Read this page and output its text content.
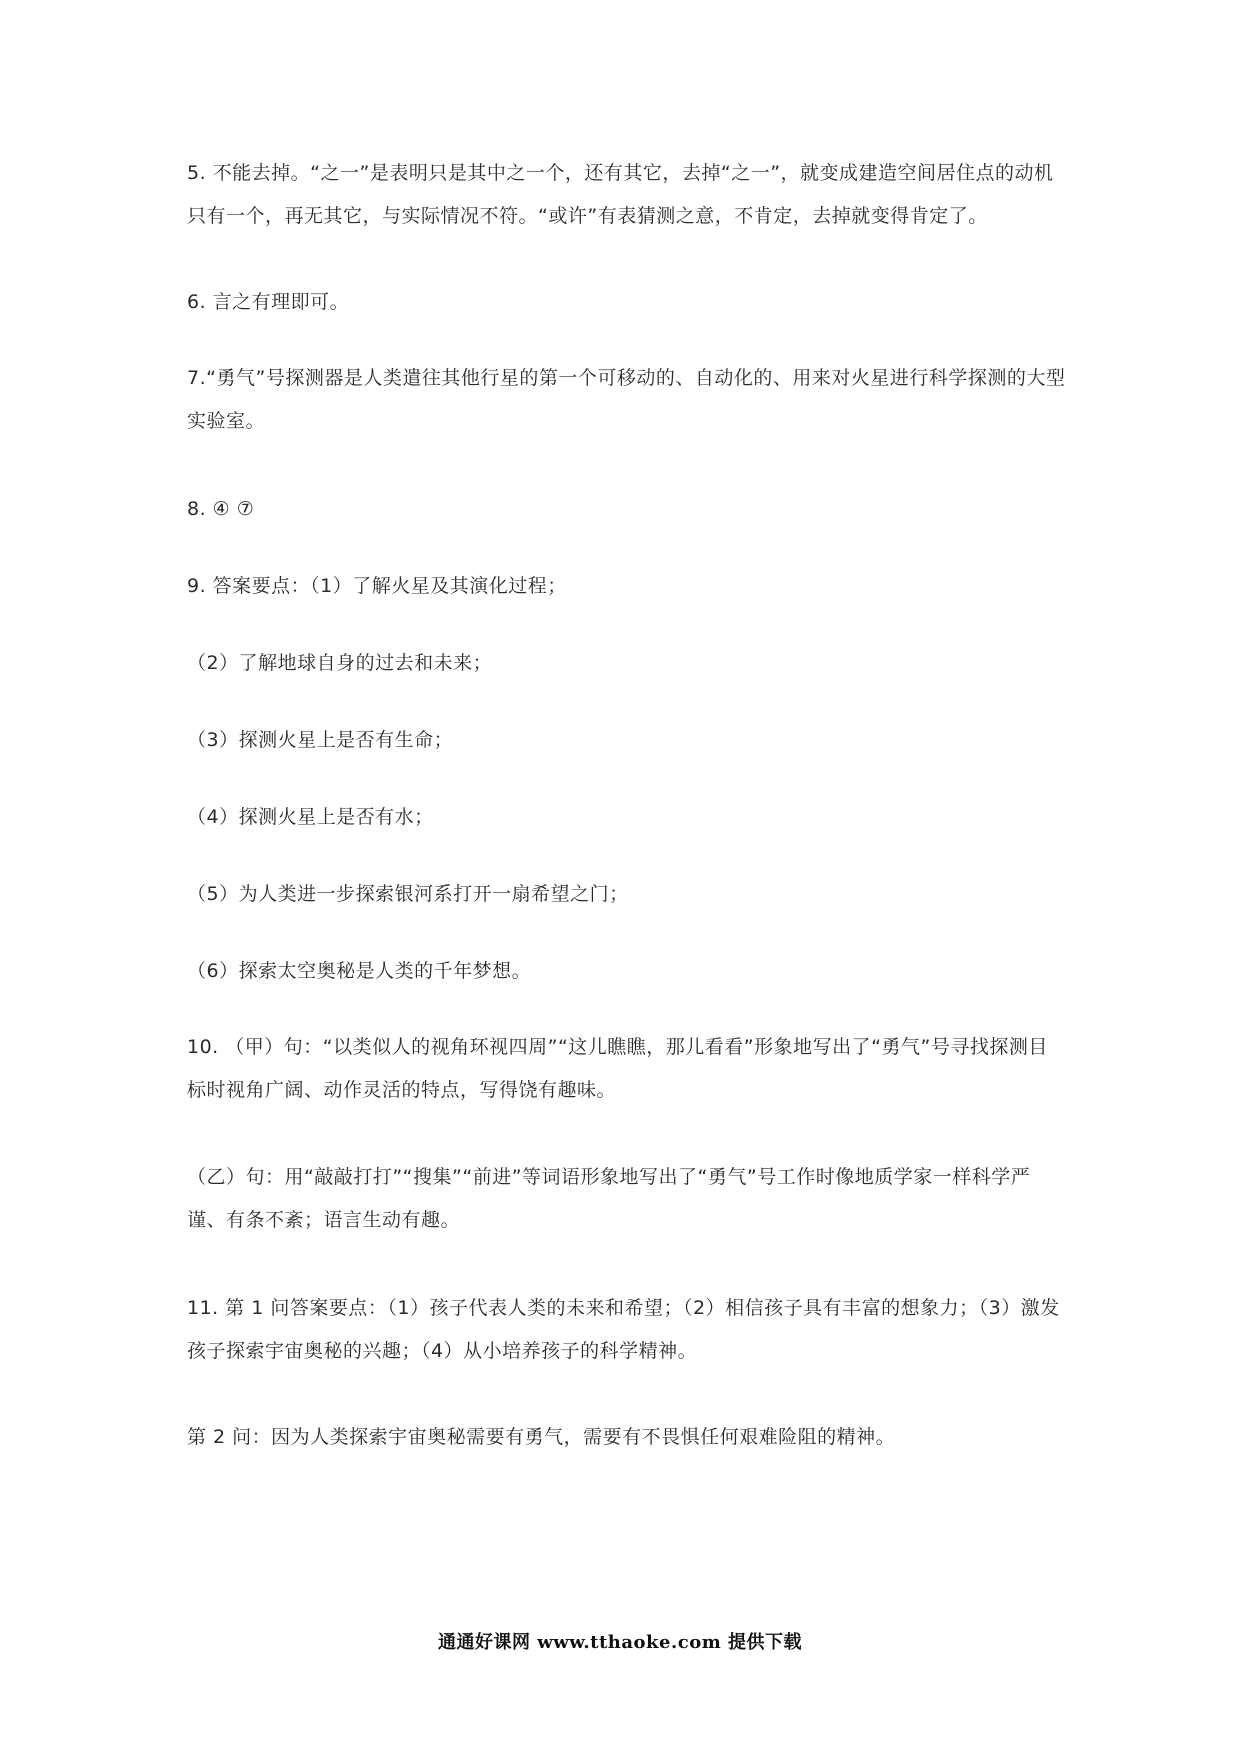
5. 不能去掉。“之一”是表明只是其中之一个，还有其它，去掉“之一”，就变成建造空间居住点的动机只有一个，再无其它，与实际情况不符。“或许”有表猜测之意，不肯定，去掉就变得肯定了。

6. 言之有理即可。

7.“勇气”号探测器是人类遣往其他行星的第一个可移动的、自动化的、用来对火星进行科学探测的大型实验室。

8. ④ ⑦

9. 答案要点：（1）了解火星及其演化过程；

（2）了解地球自身的过去和未来；

（3）探测火星上是否有生命；

（4）探测火星上是否有水；

（5）为人类进一步探索银河系打开一扇希望之门；

（6）探索太空奥秘是人类的千年梦想。

10. （甲）句：“以类似人的视角环视四周”“这儿瞧瞧，那儿看看”形象地写出了“勇气”号寻找探测目标时视角广阔、动作灵活的特点，写得饶有趣味。

（乙）句：用“敲敲打打”“搜集”“前进”等词语形象地写出了“勇气”号工作时像地质学家一样科学严谨、有条不紊；语言生动有趣。

11. 第 1 问答案要点：（1）孩子代表人类的未来和希望；（2）相信孩子具有丰富的想象力；（3）激发孩子探索宇宙奥秘的兴趣；（4）从小培养孩子的科学精神。

第 2 问：因为人类探索宇宙奥秘需要有勇气，需要有不畏惧任何艰难险阻的精神。

通通好课网 www.tthaoke.com 提供下载
